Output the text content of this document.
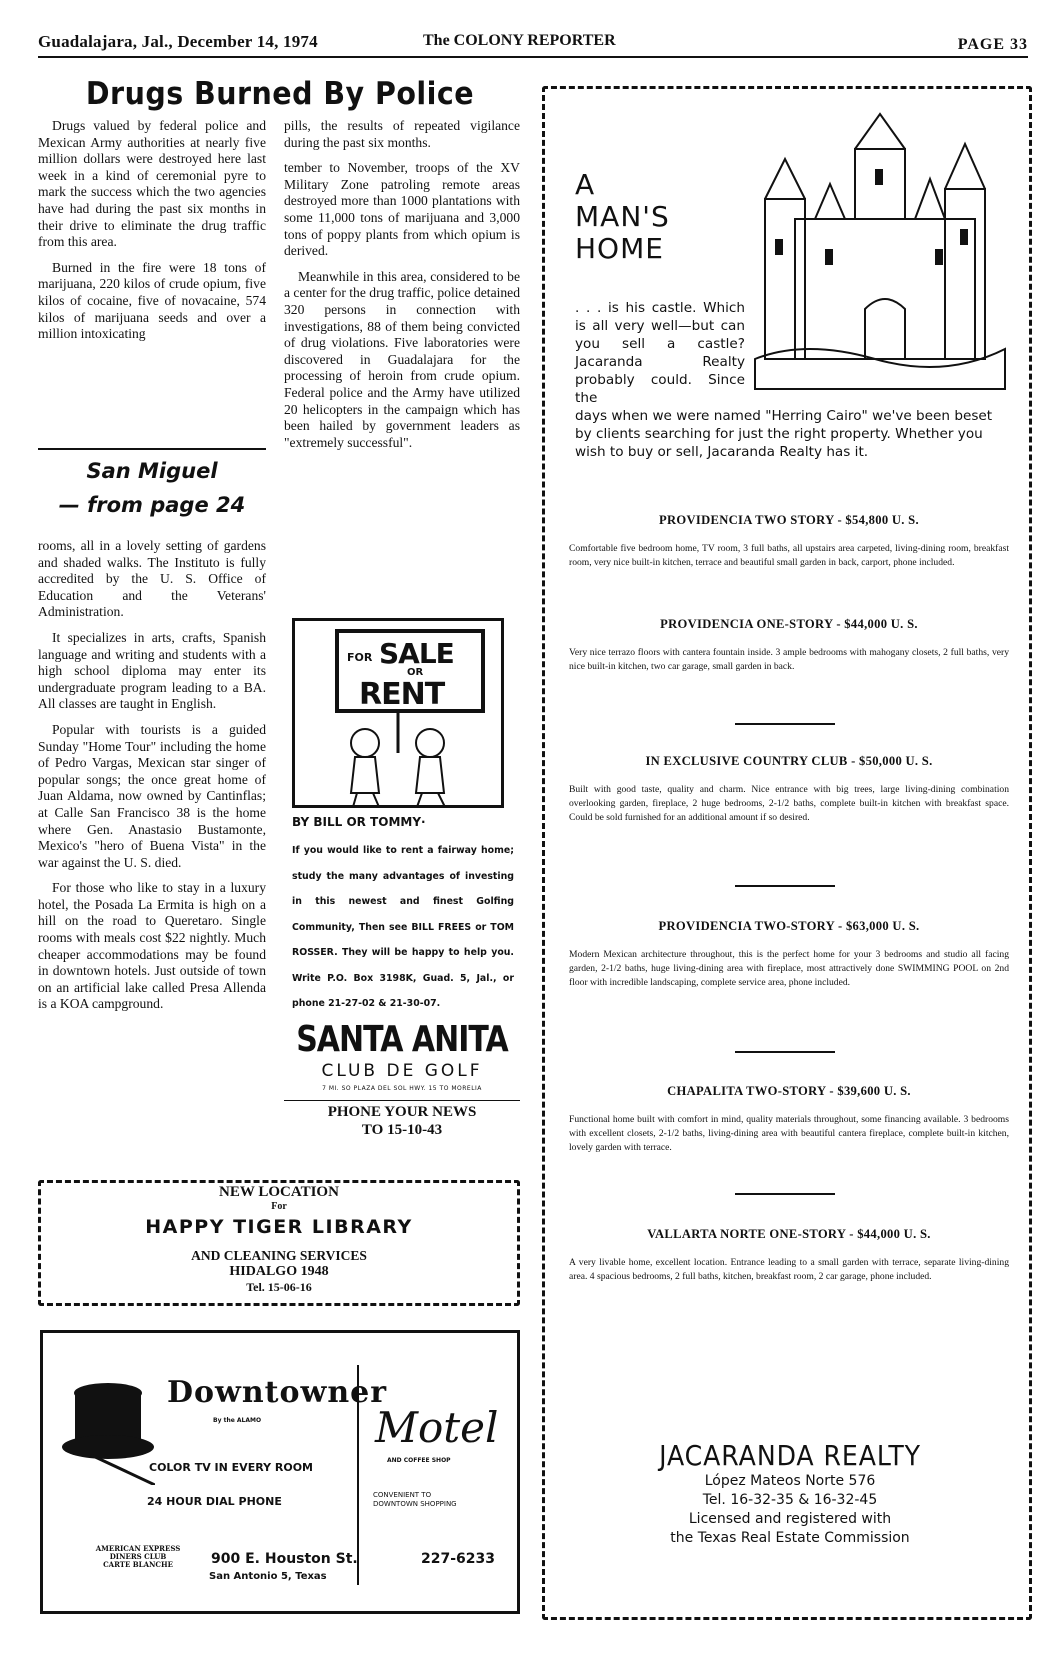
Guadalajara, Jal., December 14, 1974	The COLONY REPORTER	PAGE 33
Drugs Burned By Police

Drugs valued by federal police and Mexican Army authorities at nearly five million dollars were destroyed here last week in a kind of ceremonial pyre to mark the success which the two agencies have had during the past six months in their drive to eliminate the drug traffic from this area.

Burned in the fire were 18 tons of marijuana, 220 kilos of crude opium, five kilos of cocaine, five of novacaine, 574 kilos of marijuana seeds and over a million intoxicating

pills, the results of repeated vigilance during the past six months.

tember to November, troops of the XV Military Zone patroling remote areas destroyed more than 1000 plantations with some 11,000 tons of marijuana and 3,000 tons of poppy plants from which opium is derived.

Meanwhile in this area, considered to be a center for the drug traffic, police detained 320 persons in connection with investigations, 88 of them being convicted of drug violations. Five laboratories were discovered in Guadalajara for the processing of heroin from crude opium. Federal police and the Army have utilized 20 helicopters in the campaign which has been hailed by government leaders as "extremely successful".

San Miguel
— from page 24

rooms, all in a lovely setting of gardens and shaded walks. The Instituto is fully accredited by the U. S. Office of Education and the Veterans' Administration.

It specializes in arts, crafts, Spanish language and writing and students with a high school diploma may enter its undergraduate program leading to a BA. All classes are taught in English.

Popular with tourists is a guided Sunday "Home Tour" including the home of Pedro Vargas, Mexican star singer of popular songs; the once great home of Juan Aldama, now owned by Cantinflas; at Calle San Francisco 38 is the home where Gen. Anastasio Bustamonte, Mexico's "hero of Buena Vista" in the war against the U. S. died.

For those who like to stay in a luxury hotel, the Posada La Ermita is high on a hill on the road to Queretaro. Single rooms with meals cost $22 nightly. Much cheaper accommodations may be found in downtown hotels. Just outside of town on an artificial lake called Presa Allenda is a KOA campground.

FOR SALE
OR
RENT
BY BILL OR TOMMY·
If you would like to rent a fairway home; study the many advantages of investing in this newest and finest Golfing Community, Then see BILL FREES or TOM ROSSER. They will be happy to help you. Write P.O. Box 3198K, Guad. 5, Jal., or phone 21-27-02 & 21-30-07.
SANTA ANITA
CLUB DE GOLF
7 MI. SO PLAZA DEL SOL HWY. 15 TO MORELIA
PHONE YOUR NEWS
TO 15-10-43
NEW LOCATION
For
HAPPY TIGER LIBRARY
AND CLEANING SERVICES
HIDALGO 1948
Tel. 15-06-16
Downtowner
By the ALAMO	Motel
AND COFFEE SHOP
COLOR TV IN EVERY ROOM
24 HOUR DIAL PHONE	CONVENIENT TO
DOWNTOWN SHOPPING
AMERICAN EXPRESS
DINERS CLUB
CARTE BLANCHE	900 E. Houston St.
San Antonio 5, Texas
227-6233
A
MAN'S
HOME
. . . is his castle. Which is all very well—but can you sell a castle? Jacaranda Realty probably could. Since the
days when we were named "Herring Cairo" we've been beset by clients searching for just the right property. Whether you wish to buy or sell, Jacaranda Realty has it.
PROVIDENCIA TWO STORY - $54,800 U. S.
Comfortable five bedroom home, TV room, 3 full baths, all upstairs area carpeted, living-dining room, breakfast room, very nice built-in kitchen, terrace and beautiful small garden in back, carport, phone included.
PROVIDENCIA ONE-STORY - $44,000 U. S.
Very nice terrazo floors with cantera fountain inside. 3 ample bedrooms with mahogany closets, 2 full baths, very nice built-in kitchen, two car garage, small garden in back.
IN EXCLUSIVE COUNTRY CLUB - $50,000 U. S.
Built with good taste, quality and charm. Nice entrance with big trees, large living-dining combination overlooking garden, fireplace, 2 huge bedrooms, 2-1/2 baths, complete built-in kitchen with breakfast space. Could be sold furnished for an additional amount if so desired.
PROVIDENCIA TWO-STORY - $63,000 U. S.
Modern Mexican architecture throughout, this is the perfect home for your 3 bedrooms and studio all facing garden, 2-1/2 baths, huge living-dining area with fireplace, most attractively done SWIMMING POOL on 2nd floor with incredible landscaping, complete service area, phone included.
CHAPALITA TWO-STORY - $39,600 U. S.
Functional home built with comfort in mind, quality materials throughout, some financing available. 3 bedrooms with excellent closets, 2-1/2 baths, living-dining area with beautiful cantera fireplace, complete built-in kitchen, lovely garden with terrace.
VALLARTA NORTE ONE-STORY - $44,000 U. S.
A very livable home, excellent location. Entrance leading to a small garden with terrace, separate living-dining area. 4 spacious bedrooms, 2 full baths, kitchen, breakfast room, 2 car garage, phone included.
JACARANDA REALTY
López Mateos Norte 576
Tel. 16-32-35 & 16-32-45
Licensed and registered with
the Texas Real Estate Commission
